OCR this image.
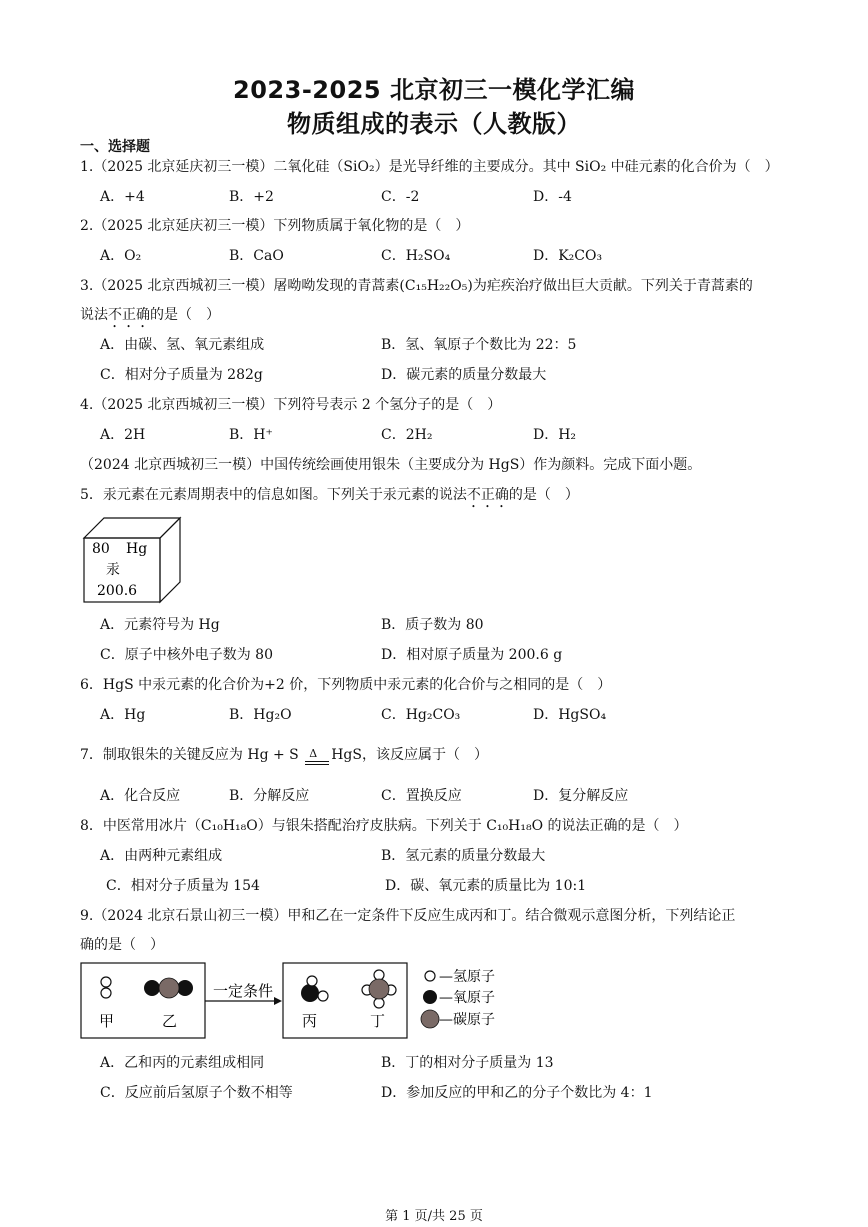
2023-2025 北京初三一模化学汇编
物质组成的表示（人教版）
一、选择题
1.（2025 北京延庆初三一模）二氧化硅（SiO₂）是光导纤维的主要成分。其中 SiO₂ 中硅元素的化合价为（　）
A．+4	B．+2	C．-2	D．-4
2.（2025 北京延庆初三一模）下列物质属于氧化物的是（　）
A．O₂	B．CaO	C．H₂SO₄	D．K₂CO₃
3.（2025 北京西城初三一模）屠呦呦发现的青蒿素(C₁₅H₂₂O₅)为疟疾治疗做出巨大贡献。下列关于青蒿素的
说法不正确的是（　）
A．由碳、氢、氧元素组成	B．氢、氧原子个数比为 22：5
C．相对分子质量为 282g	D．碳元素的质量分数最大
4.（2025 北京西城初三一模）下列符号表示 2 个氢分子的是（　）
A．2H	B．H⁺	C．2H₂	D．H₂
（2024 北京西城初三一模）中国传统绘画使用银朱（主要成分为 HgS）作为颜料。完成下面小题。
5．汞元素在元素周期表中的信息如图。下列关于汞元素的说法不正确的是（　）
80 Hg
汞
200.6
A．元素符号为 Hg	B．质子数为 80
C．原子中核外电子数为 80	D．相对原子质量为 200.6 g
6．HgS 中汞元素的化合价为+2 价，下列物质中汞元素的化合价与之相同的是（　）
A．Hg	B．Hg₂O	C．Hg₂CO₃	D．HgSO₄
7．制取银朱的关键反应为 Hg + S Δ HgS，该反应属于（　）
A．化合反应	B．分解反应	C．置换反应	D．复分解反应
8．中医常用冰片（C₁₀H₁₈O）与银朱搭配治疗皮肤病。下列关于 C₁₀H₁₈O 的说法正确的是（　）
A．由两种元素组成	B．氢元素的质量分数最大
C．相对分子质量为 154	D．碳、氧元素的质量比为 10:1
9.（2024 北京石景山初三一模）甲和乙在一定条件下反应生成丙和丁。结合微观示意图分析，下列结论正
确的是（　）
甲	乙
一定条件
丙	丁
—氢原子
—氧原子
—碳原子
A．乙和丙的元素组成相同	B．丁的相对分子质量为 13
C．反应前后氢原子个数不相等	D．参加反应的甲和乙的分子个数比为 4：1
第 1 页/共 25 页
